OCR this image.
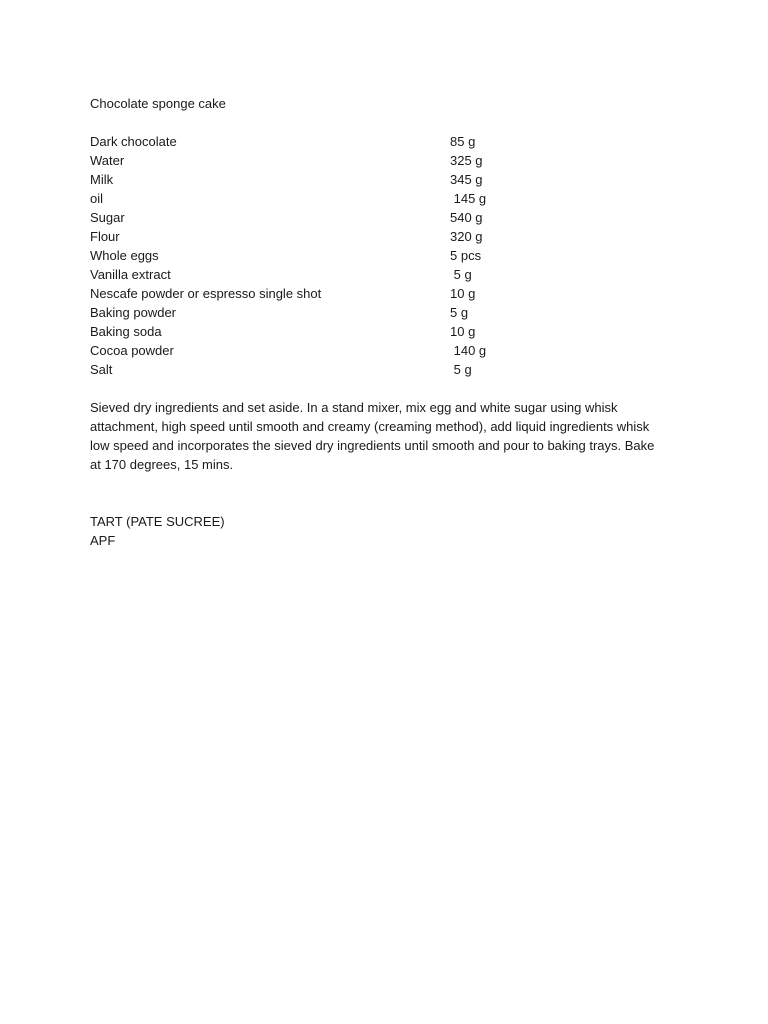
Chocolate sponge cake
Dark chocolate	85 g
Water	325 g
Milk	345 g
oil	145 g
Sugar	540 g
Flour	320 g
Whole eggs	5 pcs
Vanilla extract	5 g
Nescafe powder or espresso single shot	10 g
Baking powder	5 g
Baking soda	10 g
Cocoa powder	140 g
Salt	5 g
Sieved dry ingredients and set aside. In a stand mixer, mix egg and white sugar using whisk attachment, high speed until smooth and creamy (creaming method), add liquid ingredients whisk low speed and incorporates the sieved dry ingredients until smooth and pour to baking trays. Bake at 170 degrees, 15 mins.
TART (PATE SUCREE)
APF
